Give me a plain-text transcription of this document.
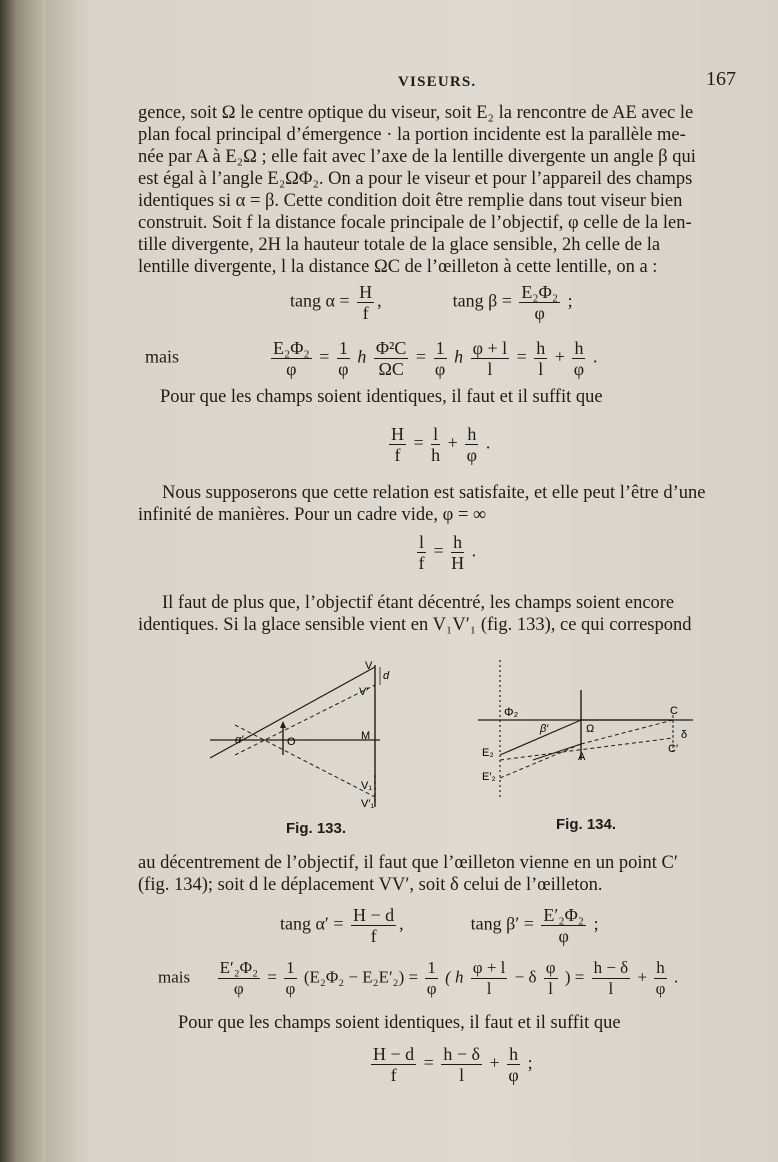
VISEURS.	167
gence, soit Ω le centre optique du viseur, soit E₂ la rencontre de AE avec le
plan focal principal d’émergence · la portion incidente est la parallèle me-
née par A à E₂Ω ; elle fait avec l’axe de la lentille divergente un angle β qui
est égal à l’angle E₂ΩΦ₂. On a pour le viseur et pour l’appareil des champs
identiques si α = β. Cette condition doit être remplie dans tout viseur bien
construit. Soit f la distance focale principale de l’objectif, φ celle de la len-
tille divergente, 2H la hauteur totale de la glace sensible, 2h celle de la
lentille divergente, l la distance ΩC de l’œilleton à cette lentille, on a :
tang $\alpha = \frac{H}{f}$ ,	tang $\beta = \frac{\text{E₂Φ₂}}{\varphi}$ ;
mais	$\frac{\text{E₂Φ₂}}{\varphi} = \frac{1}{\varphi}$ h $\frac{\text{Φ²C}}{\Omega C} = \frac{1}{\varphi}$ h $\frac{\varphi + l}{l} = \frac{h}{l} + \frac{h}{\varphi}$ .
Pour que les champs soient identiques, il faut et il suffit que
$\frac{H}{f} = \frac{l}{h} + \frac{h}{\varphi}$ .
Nous supposerons que cette relation est satisfaite, et elle peut l’être d’une
infinité de manières. Pour un cadre vide, φ = ∞
$\frac{l}{f} = \frac{h}{H}$ .
Il faut de plus que, l’objectif étant décentré, les champs soient encore
identiques. Si la glace sensible vient en V₁V′₁ (fig. 133), ce qui correspond
V
V′
d
α′	O	M
V₁
V′₁
Fig. 133.
Φ₂
β′	Ω
C
C′
δ
E₂
E′₂
A
Fig. 134.
au décentrement de l’objectif, il faut que l’œilleton vienne en un point C′
(fig. 134); soit d le déplacement VV′, soit δ celui de l’œilleton.
tang $\alpha' = \frac{H - d}{f}$ ,	tang $\beta' = \frac{\text{E′₂Φ₂}}{\varphi}$ ;
mais $\frac{\text{E′₂Φ₂}}{\varphi} = \frac{1}{\varphi} (E_2\Phi_2 - E_2E'_2) = \frac{1}{\varphi}$ ( h $\frac{\varphi + l}{l} - \delta \frac{\varphi}{l}$ ) = $\frac{h - \delta}{l} + \frac{h}{\varphi}$ .
Pour que les champs soient identiques, il faut et il suffit que
$\frac{H - d}{f} = \frac{h - \delta}{l} + \frac{h}{\varphi}$ ;
